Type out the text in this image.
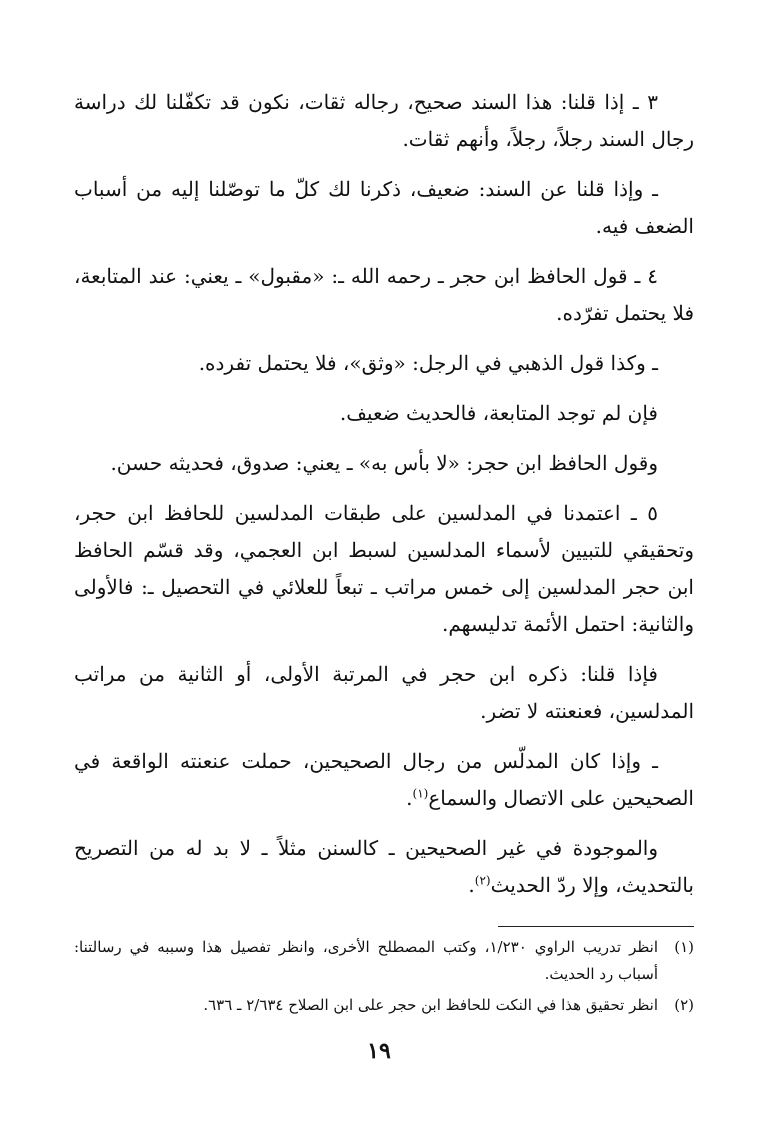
٣ ـ إذا قلنا: هذا السند صحيح، رجاله ثقات، نكون قد تكفّلنا لك دراسة رجال السند رجلاً، رجلاً، وأنهم ثقات.

ـ وإذا قلنا عن السند: ضعيف، ذكرنا لك كلّ ما توصّلنا إليه من أسباب الضعف فيه.

٤ ـ قول الحافظ ابن حجر ـ رحمه الله ـ: «مقبول» ـ يعني: عند المتابعة، فلا يحتمل تفرّده.

ـ وكذا قول الذهبي في الرجل: «وثق»، فلا يحتمل تفرده.

فإن لم توجد المتابعة، فالحديث ضعيف.

وقول الحافظ ابن حجر: «لا بأس به» ـ يعني: صدوق، فحديثه حسن.

٥ ـ اعتمدنا في المدلسين على طبقات المدلسين للحافظ ابن حجر، وتحقيقي للتبيين لأسماء المدلسين لسبط ابن العجمي، وقد قسّم الحافظ ابن حجر المدلسين إلى خمس مراتب ـ تبعاً للعلائي في التحصيل ـ: فالأولى والثانية: احتمل الأئمة تدليسهم.

فإذا قلنا: ذكره ابن حجر في المرتبة الأولى، أو الثانية من مراتب المدلسين، فعنعنته لا تضر.

ـ وإذا كان المدلّس من رجال الصحيحين، حملت عنعنته الواقعة في الصحيحين على الاتصال والسماع$^{(١)}$.

والموجودة في غير الصحيحين ـ كالسنن مثلاً ـ لا بد له من التصريح بالتحديث، وإلا ردّ الحديث$^{(٢)}$.

(١)
انظر تدريب الراوي ١/٢٣٠، وكتب المصطلح الأخرى، وانظر تفصيل هذا وسببه في رسالتنا: أسباب رد الحديث.

(٢)
انظر تحقيق هذا في النكت للحافظ ابن حجر على ابن الصلاح ٢/٦٣٤ ـ ٦٣٦.

١٩
